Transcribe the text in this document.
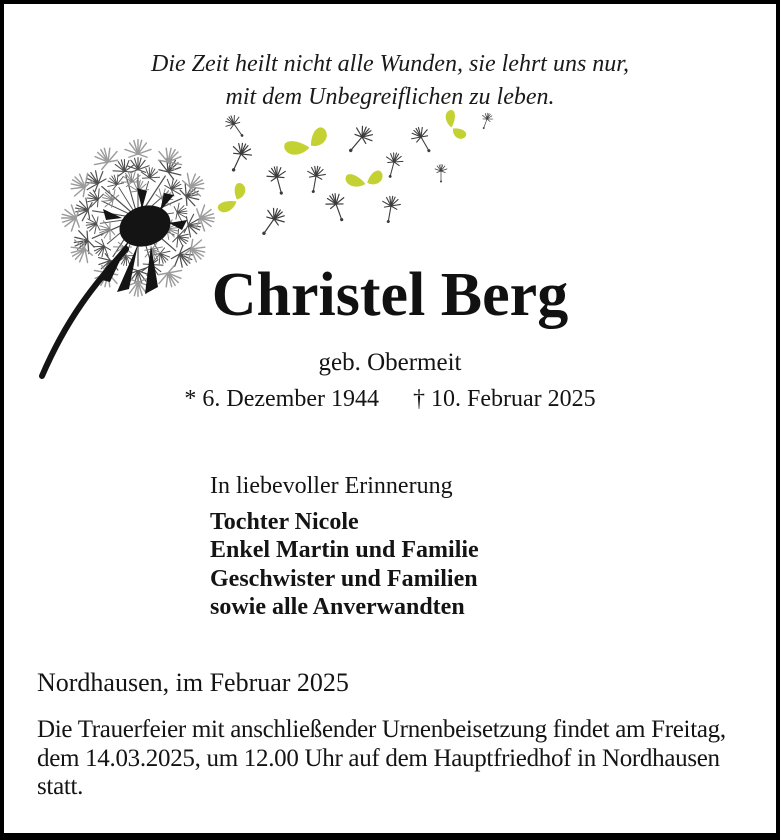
Die Zeit heilt nicht alle Wunden, sie lehrt uns nur,
mit dem Unbegreiflichen zu leben.
Christel Berg
geb. Obermeit
* 6. Dezember 1944 † 10. Februar 2025
In liebevoller Erinnerung
Tochter Nicole
Enkel Martin und Familie
Geschwister und Familien
sowie alle Anverwandten
Nordhausen, im Februar 2025
Die Trauerfeier mit anschließender Urnenbeisetzung findet am Freitag,
dem 14.03.2025, um 12.00 Uhr auf dem Hauptfriedhof in Nordhausen
statt.
